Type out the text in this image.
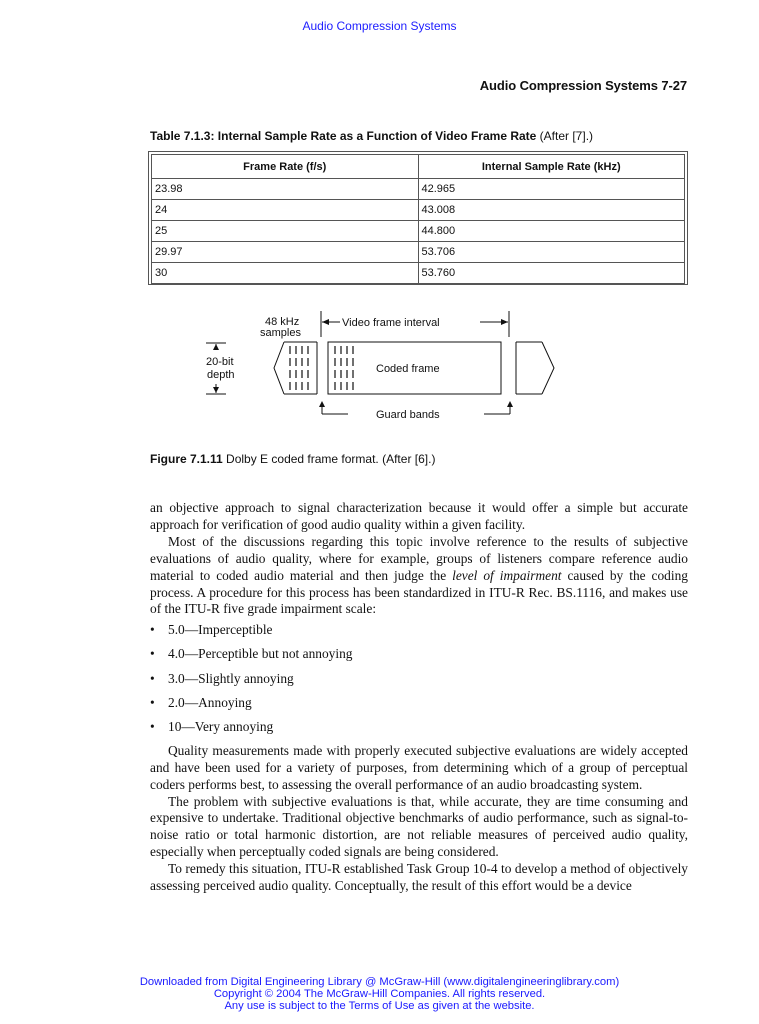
Audio Compression Systems
Audio Compression Systems 7-27
Table 7.1.3: Internal Sample Rate as a Function of Video Frame Rate (After [7].)
Frame Rate (f/s)	Internal Sample Rate (kHz)
23.98	42.965
24	43.008
25	44.800
29.97	53.706
30	53.760
48 kHz
samples
Video frame interval
20-bit
depth	Coded frame
Guard bands
Figure 7.1.11 Dolby E coded frame format. (After [6].)

an objective approach to signal characterization because it would offer a simple but accurate approach for verification of good audio quality within a given facility.

Most of the discussions regarding this topic involve reference to the results of subjective evaluations of audio quality, where for example, groups of listeners compare reference audio material to coded audio material and then judge the level of impairment caused by the coding process. A procedure for this process has been standardized in ITU-R Rec. BS.1116, and makes use of the ITU-R five grade impairment scale:

• 5.0—Imperceptible
• 4.0—Perceptible but not annoying
• 3.0—Slightly annoying
• 2.0—Annoying
• 10—Very annoying

Quality measurements made with properly executed subjective evaluations are widely accepted and have been used for a variety of purposes, from determining which of a group of perceptual coders performs best, to assessing the overall performance of an audio broadcasting system.

The problem with subjective evaluations is that, while accurate, they are time consuming and expensive to undertake. Traditional objective benchmarks of audio performance, such as signal-to-noise ratio or total harmonic distortion, are not reliable measures of perceived audio quality, especially when perceptually coded signals are being considered.

To remedy this situation, ITU-R established Task Group 10-4 to develop a method of objectively assessing perceived audio quality. Conceptually, the result of this effort would be a device

Downloaded from Digital Engineering Library @ McGraw-Hill (www.digitalengineeringlibrary.com)
Copyright © 2004 The McGraw-Hill Companies. All rights reserved.
Any use is subject to the Terms of Use as given at the website.
